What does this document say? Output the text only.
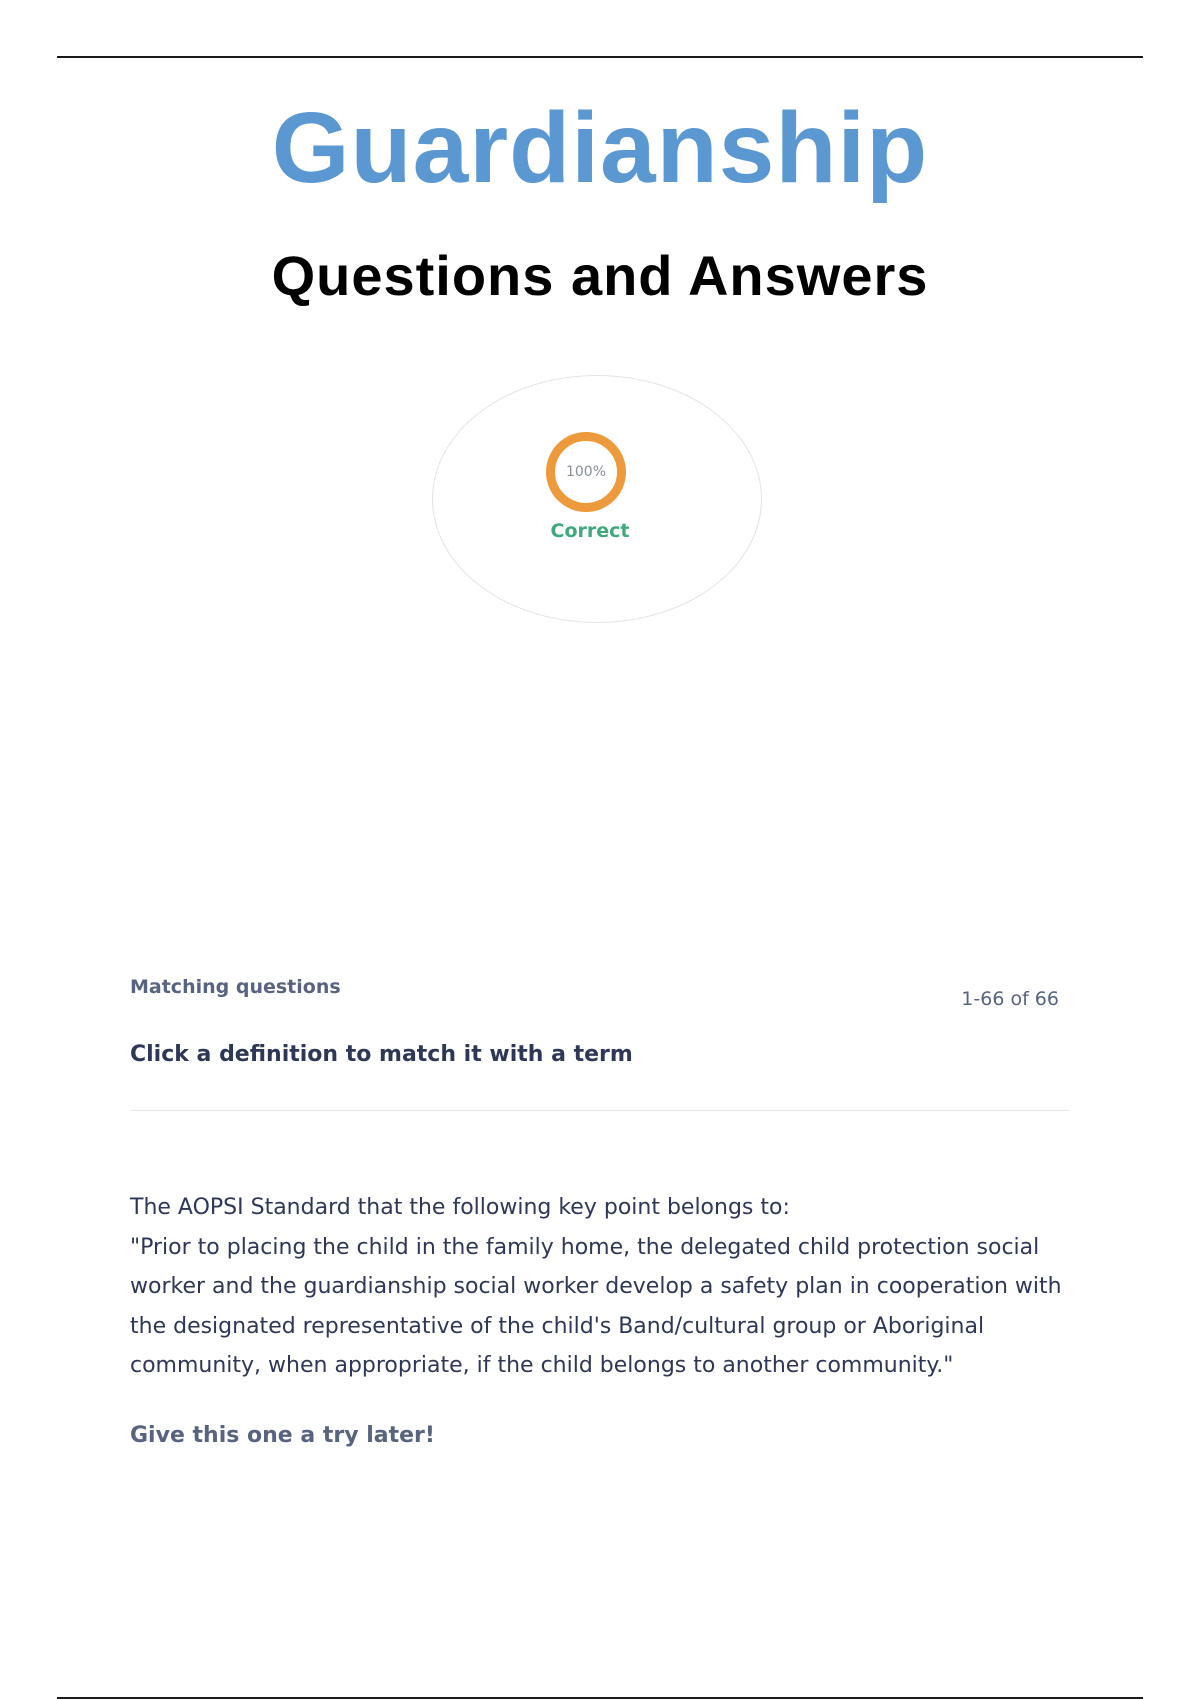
Guardianship
Questions and Answers
100%
Correct
Matching questions
1-66 of 66
Click a definition to match it with a term
The AOPSI Standard that the following key point belongs to:
"Prior to placing the child in the family home, the delegated child protection social
worker and the guardianship social worker develop a safety plan in cooperation with
the designated representative of the child's Band/cultural group or Aboriginal
community, when appropriate, if the child belongs to another community."
Give this one a try later!
